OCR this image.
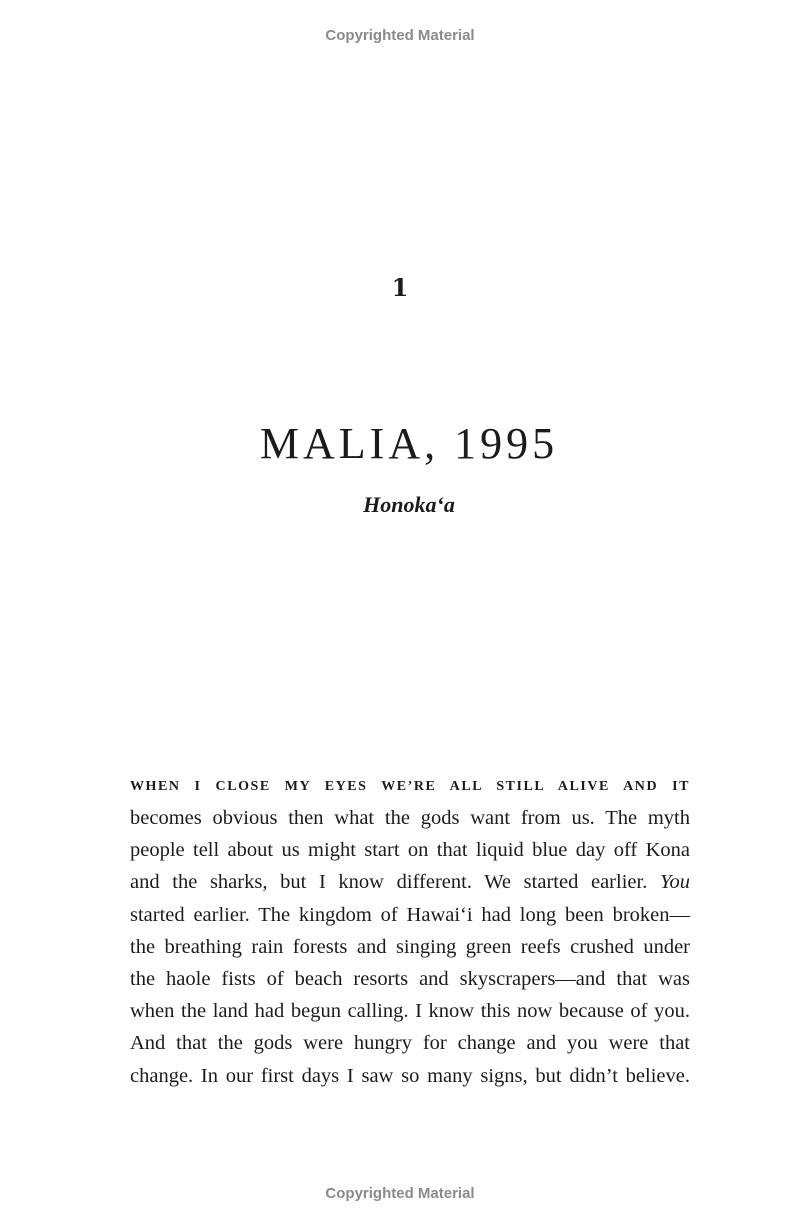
Copyrighted Material
1
MALIA, 1995
Honoka‘a
WHEN I CLOSE MY EYES WE’RE ALL STILL ALIVE AND IT
becomes obvious then what the gods want from us. The myth
people tell about us might start on that liquid blue day off Kona
and the sharks, but I know different. We started earlier. You
started earlier. The kingdom of Hawai‘i had long been broken—
the breathing rain forests and singing green reefs crushed under
the haole fists of beach resorts and skyscrapers—and that was
when the land had begun calling. I know this now because of you.
And that the gods were hungry for change and you were that
change. In our first days I saw so many signs, but didn’t believe.
Copyrighted Material
